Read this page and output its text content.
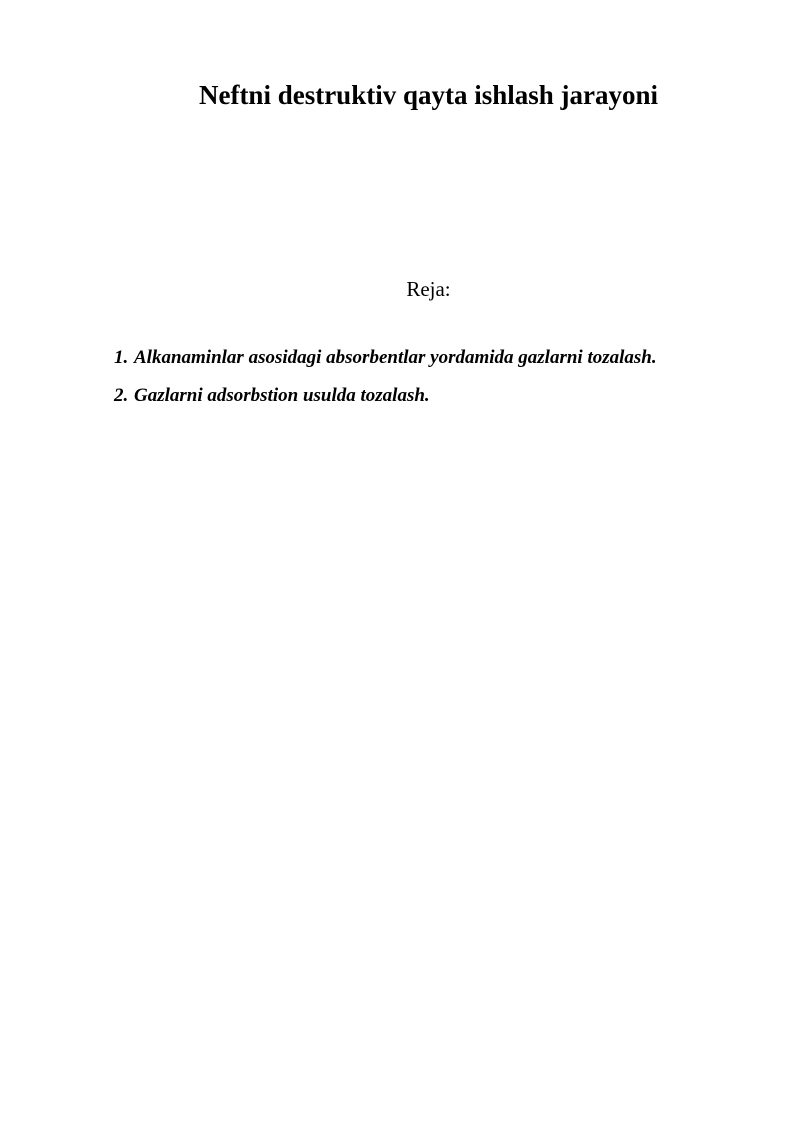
Neftni destruktiv qayta ishlash jarayoni
Reja:
1. Alkanaminlar asosidagi absorbentlar yordamida gazlarni tozalash.
2. Gazlarni adsorbstion usulda tozalash.
